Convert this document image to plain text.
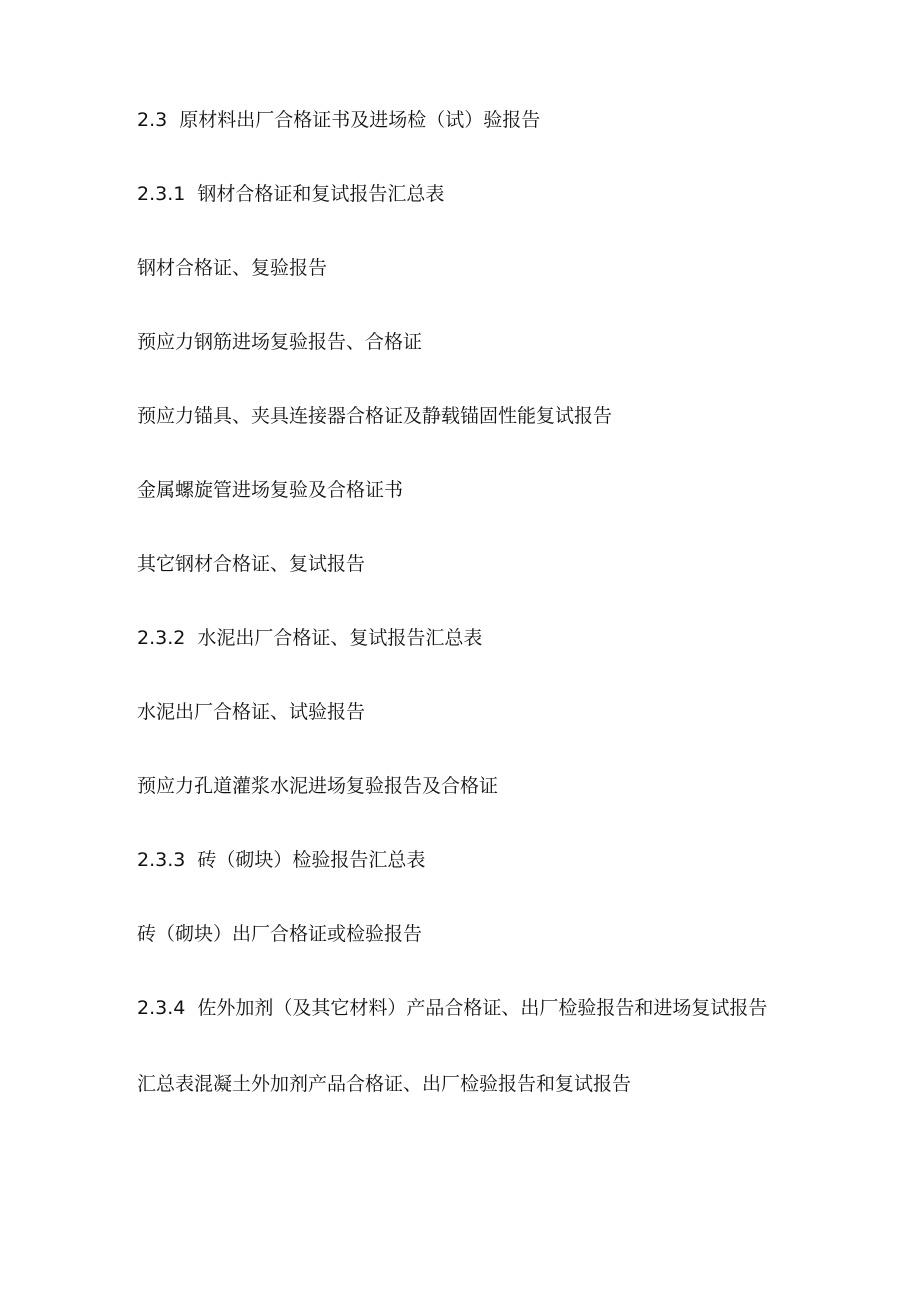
2.3 原材料出厂合格证书及进场检（试）验报告
2.3.1 钢材合格证和复试报告汇总表
钢材合格证、复验报告
预应力钢筋进场复验报告、合格证
预应力锚具、夹具连接器合格证及静载锚固性能复试报告
金属螺旋管进场复验及合格证书
其它钢材合格证、复试报告
2.3.2 水泥出厂合格证、复试报告汇总表
水泥出厂合格证、试验报告
预应力孔道灌浆水泥进场复验报告及合格证
2.3.3 砖（砌块）检验报告汇总表
砖（砌块）出厂合格证或检验报告
2.3.4 佐外加剂（及其它材料）产品合格证、出厂检验报告和进场复试报告
汇总表混凝土外加剂产品合格证、出厂检验报告和复试报告
